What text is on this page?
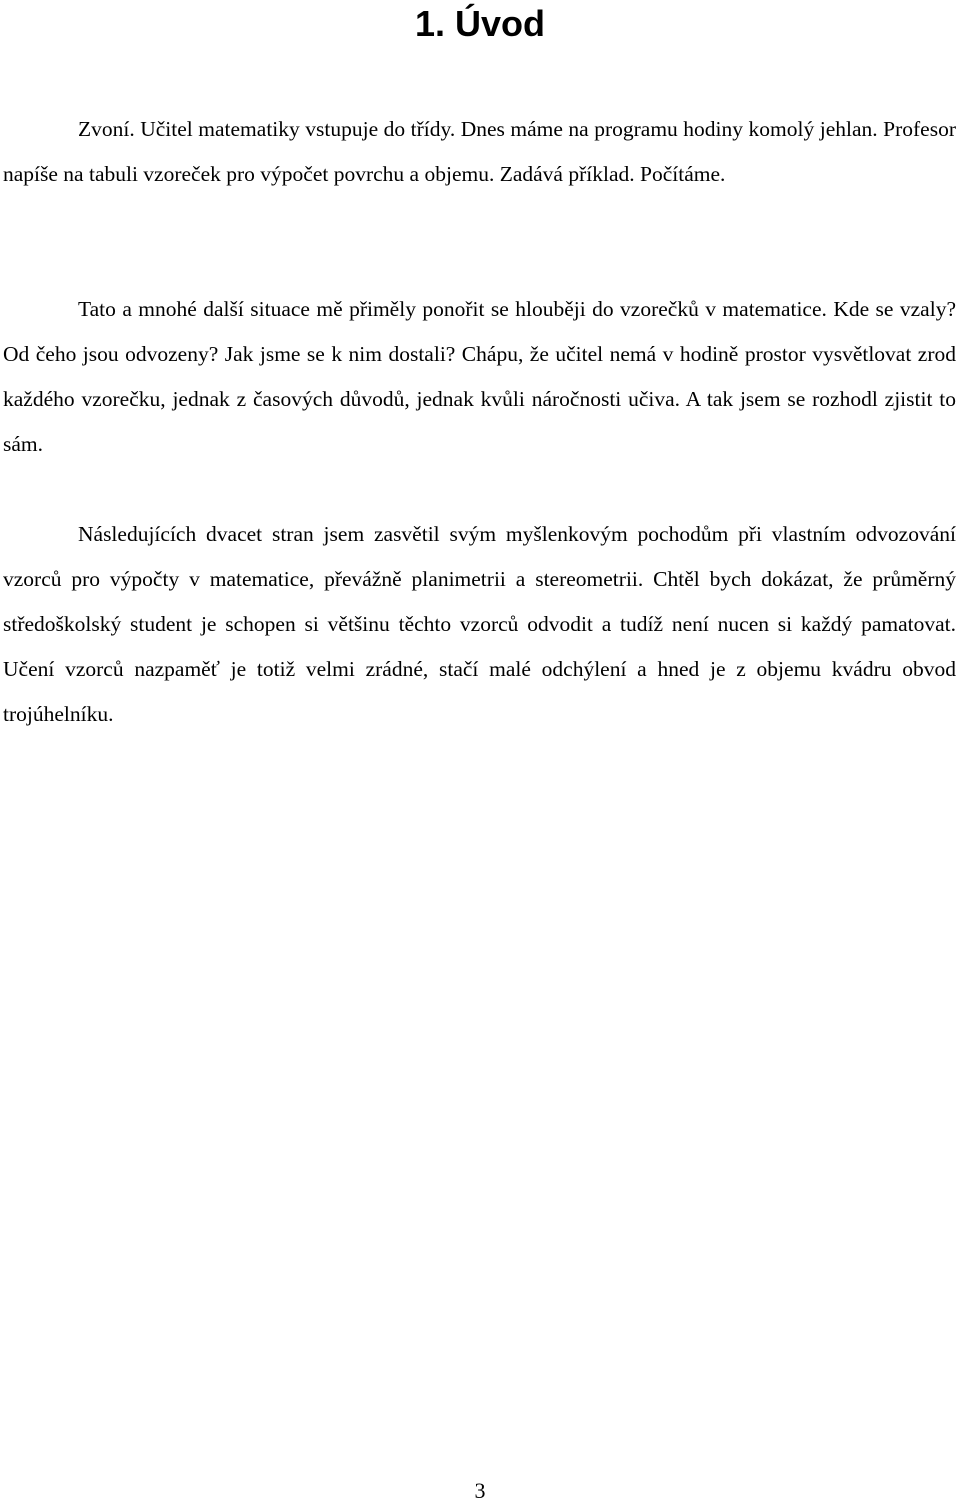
1. Úvod

Zvoní. Učitel matematiky vstupuje do třídy. Dnes máme na programu hodiny komolý jehlan. Profesor napíše na tabuli vzoreček pro výpočet povrchu a objemu. Zadává příklad. Počítáme.

Tato a mnohé další situace mě přiměly ponořit se hlouběji do vzorečků v matematice. Kde se vzaly? Od čeho jsou odvozeny? Jak jsme se k nim dostali? Chápu, že učitel nemá v hodině prostor vysvětlovat zrod každého vzorečku, jednak z časových důvodů, jednak kvůli náročnosti učiva. A tak jsem se rozhodl zjistit to sám.

Následujících dvacet stran jsem zasvětil svým myšlenkovým pochodům při vlastním odvozování vzorců pro výpočty v matematice, převážně planimetrii a stereometrii. Chtěl bych dokázat, že průměrný středoškolský student je schopen si většinu těchto vzorců odvodit a tudíž není nucen si každý pamatovat. Učení vzorců nazpaměť je totiž velmi zrádné, stačí malé odchýlení a hned je z objemu kvádru obvod trojúhelníku.

3
